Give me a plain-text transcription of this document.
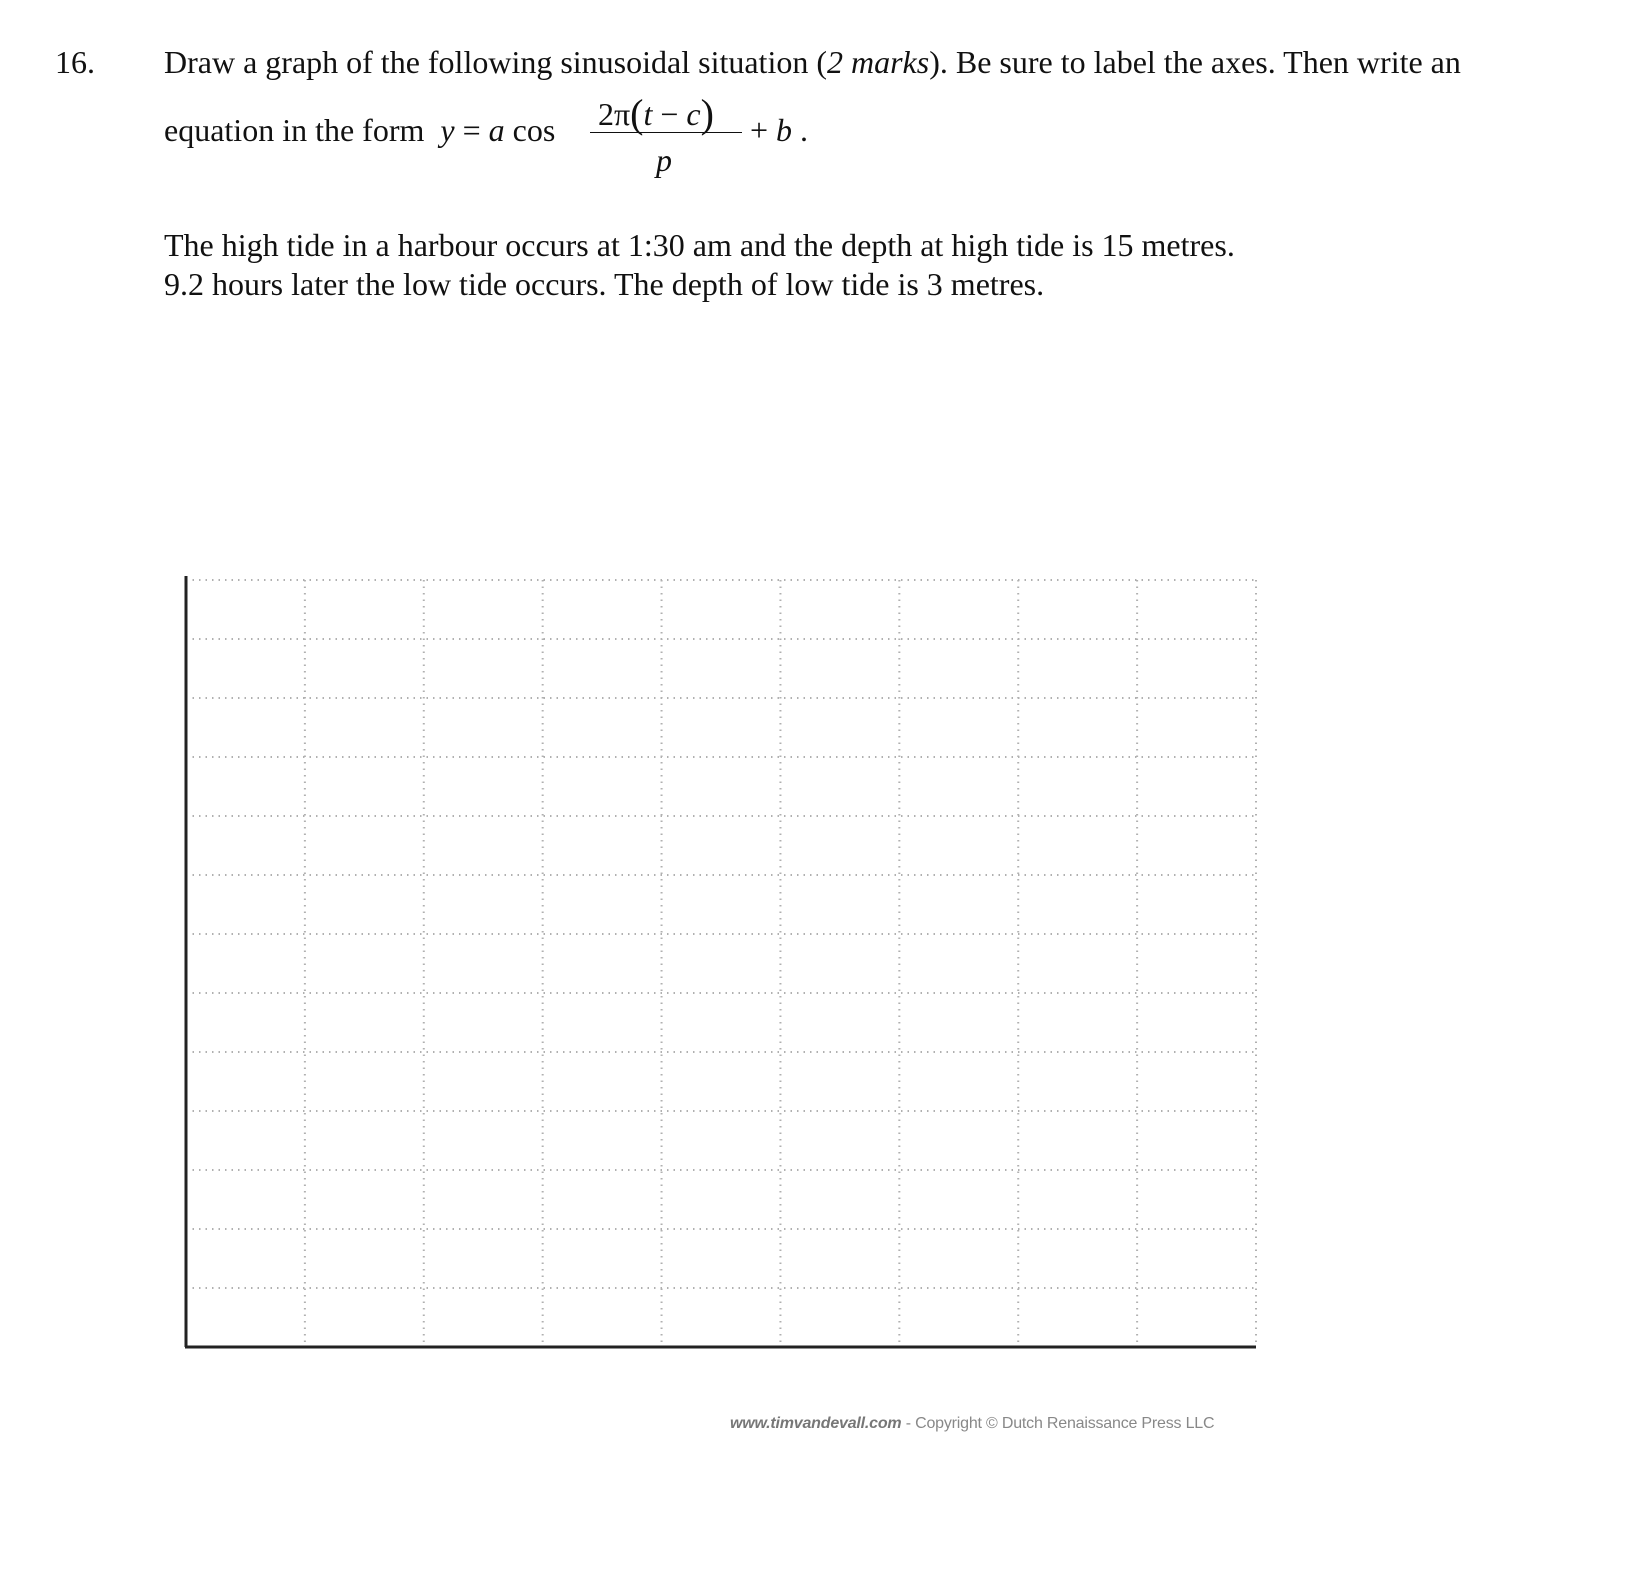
16. Draw a graph of the following sinusoidal situation (2 marks). Be sure to label the axes. Then write an
equation in the form y = a cos 2π(t − c)
p
+ b .
The high tide in a harbour occurs at 1:30 am and the depth at high tide is 15 metres.
9.2 hours later the low tide occurs. The depth of low tide is 3 metres.
www.timvandevall.com - Copyright © Dutch Renaissance Press LLC
